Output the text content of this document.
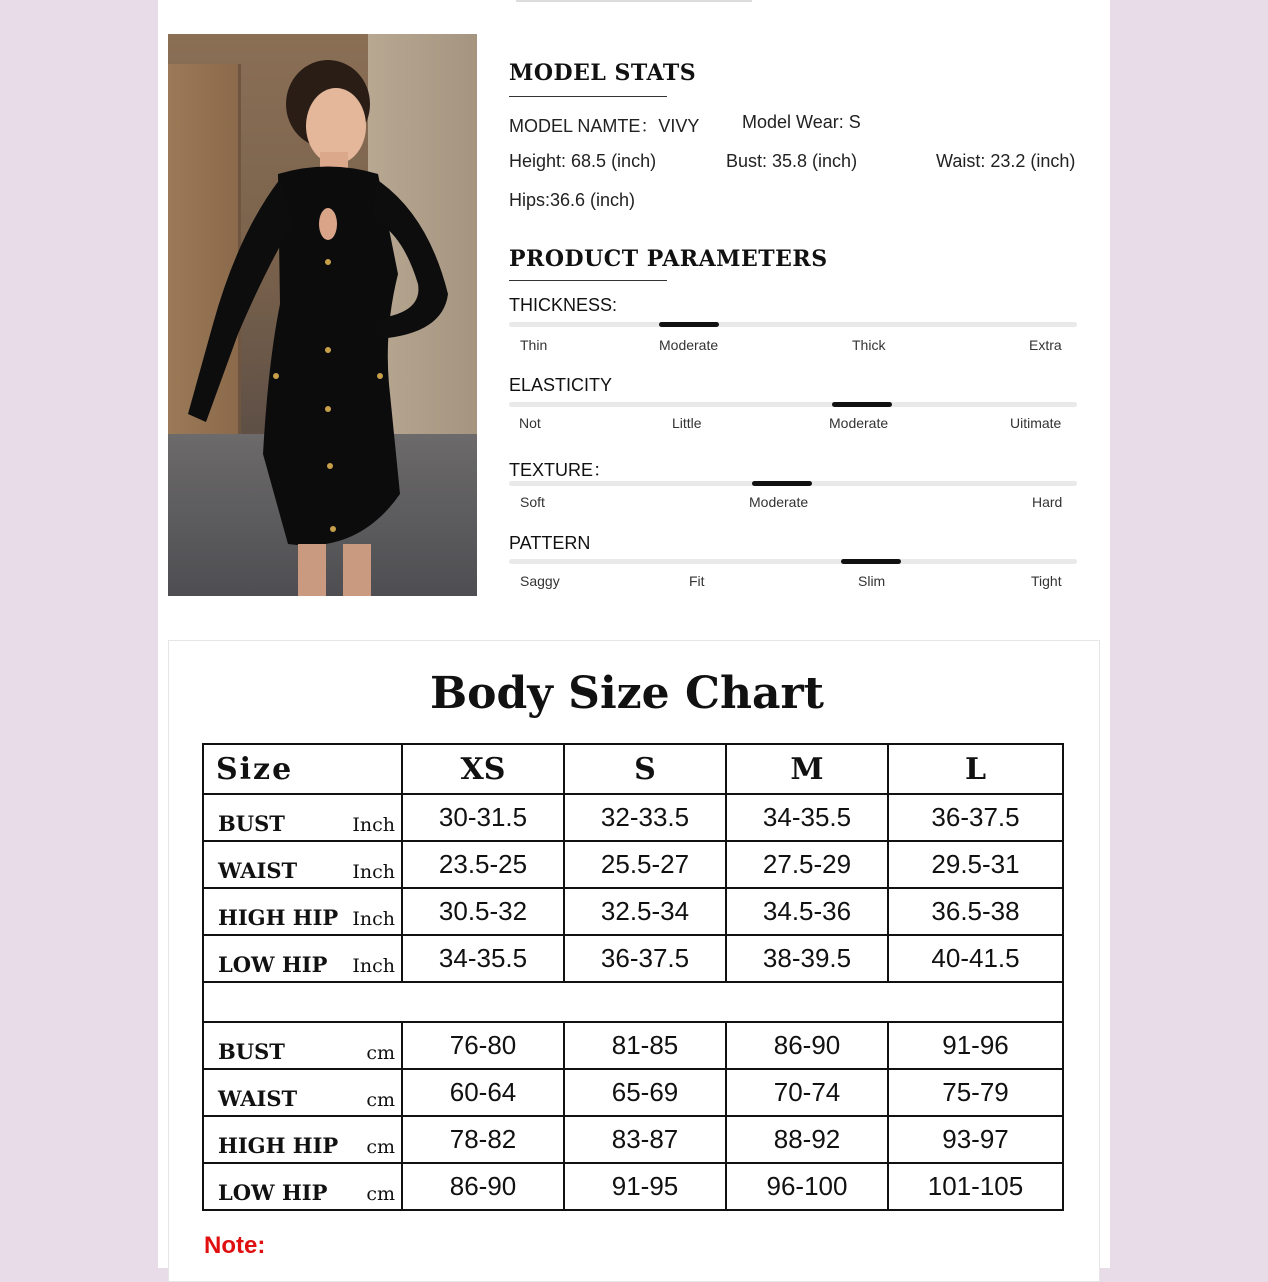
MODEL STATS
MODEL NAMTE：VIVY Model Wear: S
Height: 68.5 (inch)	Bust: 35.8 (inch)	Waist: 23.2 (inch)
Hips:36.6 (inch)
PRODUCT PARAMETERS
THICKNESS:
Thin	Moderate	Thick	Extra
ELASTICITY
Not	Little	Moderate	Uitimate
TEXTURE：
Soft	Moderate	Hard
PATTERN
Saggy	Fit	Slim	Tight
Body Size Chart
Size	XS	S	M	L

BUST Inch	30-31.5	32-33.5	34-35.5	36-37.5

WAIST Inch	23.5-25	25.5-27	27.5-29	29.5-31

HIGH HIP Inch	30.5-32	32.5-34	34.5-36	36.5-38

LOW HIP Inch	34-35.5	36-37.5	38-39.5	40-41.5

BUST cm	76-80	81-85	86-90	91-96

WAIST cm	60-64	65-69	70-74	75-79

HIGH HIP cm	78-82	83-87	88-92	93-97

LOW HIP cm	86-90	91-95	96-100	101-105
Note:
